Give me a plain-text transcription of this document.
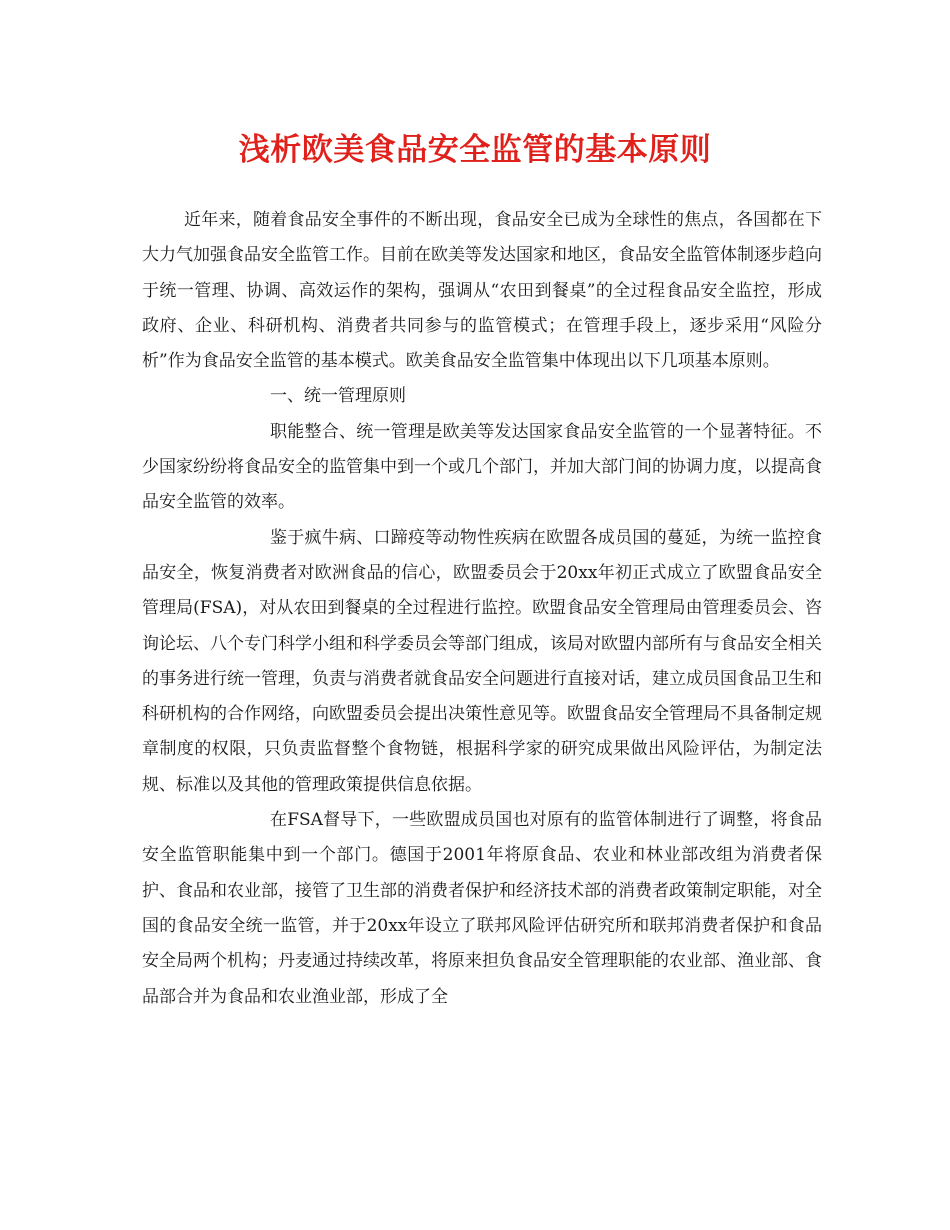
浅析欧美食品安全监管的基本原则

近年来，随着食品安全事件的不断出现，食品安全已成为全球性的焦点，各国都在下大力气加强食品安全监管工作。目前在欧美等发达国家和地区，食品安全监管体制逐步趋向于统一管理、协调、高效运作的架构，强调从“农田到餐桌”的全过程食品安全监控，形成政府、企业、科研机构、消费者共同参与的监管模式；在管理手段上，逐步采用“风险分析”作为食品安全监管的基本模式。欧美食品安全监管集中体现出以下几项基本原则。

一、统一管理原则

职能整合、统一管理是欧美等发达国家食品安全监管的一个显著特征。不少国家纷纷将食品安全的监管集中到一个或几个部门，并加大部门间的协调力度，以提高食品安全监管的效率。

鉴于疯牛病、口蹄疫等动物性疾病在欧盟各成员国的蔓延，为统一监控食品安全，恢复消费者对欧洲食品的信心，欧盟委员会于20xx年初正式成立了欧盟食品安全管理局(FSA)，对从农田到餐桌的全过程进行监控。欧盟食品安全管理局由管理委员会、咨询论坛、八个专门科学小组和科学委员会等部门组成，该局对欧盟内部所有与食品安全相关的事务进行统一管理，负责与消费者就食品安全问题进行直接对话，建立成员国食品卫生和科研机构的合作网络，向欧盟委员会提出决策性意见等。欧盟食品安全管理局不具备制定规章制度的权限，只负责监督整个食物链，根据科学家的研究成果做出风险评估，为制定法规、标准以及其他的管理政策提供信息依据。

在FSA督导下，一些欧盟成员国也对原有的监管体制进行了调整，将食品安全监管职能集中到一个部门。德国于2001年将原食品、农业和林业部改组为消费者保护、食品和农业部，接管了卫生部的消费者保护和经济技术部的消费者政策制定职能，对全国的食品安全统一监管，并于20xx年设立了联邦风险评估研究所和联邦消费者保护和食品安全局两个机构；丹麦通过持续改革，将原来担负食品安全管理职能的农业部、渔业部、食品部合并为食品和农业渔业部，形成了全
